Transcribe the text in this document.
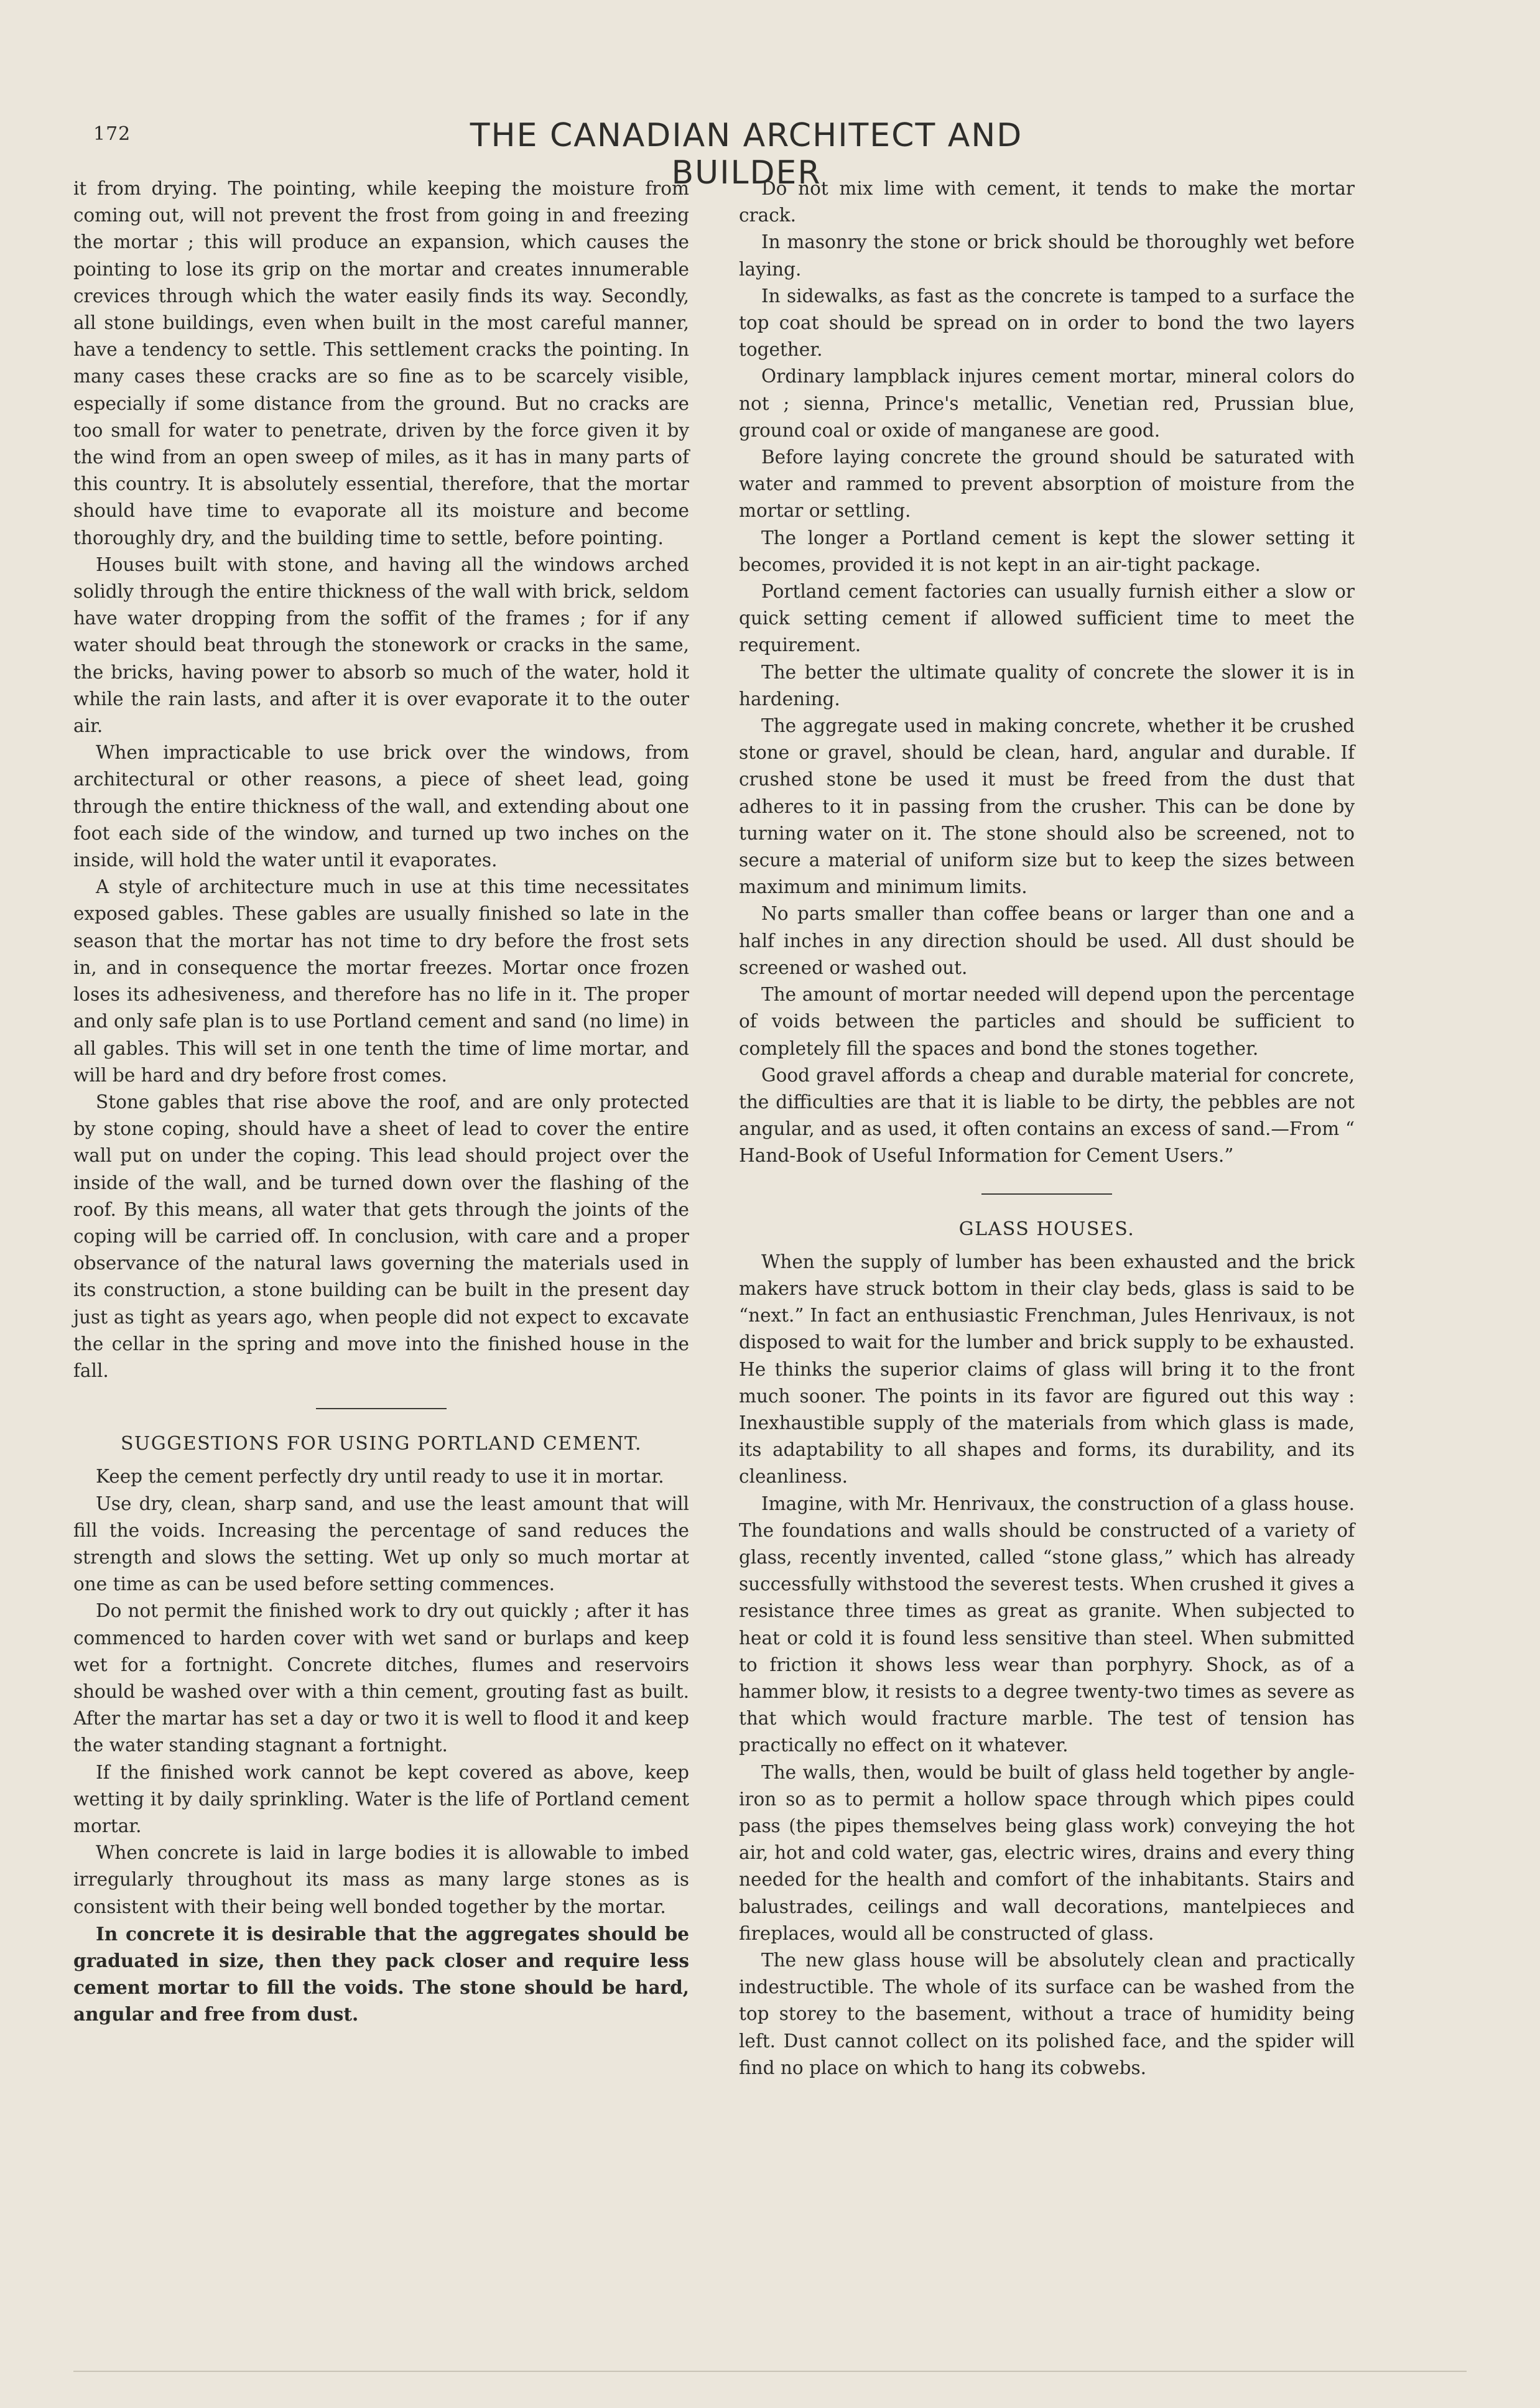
172	THE CANADIAN ARCHITECT AND BUILDER

it from drying. The pointing, while keeping the moisture from coming out, will not prevent the frost from going in and freezing the mortar ; this will produce an expansion, which causes the pointing to lose its grip on the mortar and creates innumerable crevices through which the water easily finds its way. Secondly, all stone buildings, even when built in the most careful manner, have a tendency to settle. This settlement cracks the pointing. In many cases these cracks are so fine as to be scarcely visible, especially if some distance from the ground. But no cracks are too small for water to penetrate, driven by the force given it by the wind from an open sweep of miles, as it has in many parts of this country. It is absolutely essential, therefore, that the mortar should have time to evaporate all its moisture and become thoroughly dry, and the building time to settle, before pointing.

Houses built with stone, and having all the windows arched solidly through the entire thickness of the wall with brick, seldom have water dropping from the soffit of the frames ; for if any water should beat through the stonework or cracks in the same, the bricks, having power to absorb so much of the water, hold it while the rain lasts, and after it is over evaporate it to the outer air.

When impracticable to use brick over the windows, from architectural or other reasons, a piece of sheet lead, going through the entire thickness of the wall, and extending about one foot each side of the window, and turned up two inches on the inside, will hold the water until it evaporates.

A style of architecture much in use at this time necessitates exposed gables. These gables are usually finished so late in the season that the mortar has not time to dry before the frost sets in, and in consequence the mortar freezes. Mortar once frozen loses its adhesiveness, and therefore has no life in it. The proper and only safe plan is to use Portland cement and sand (no lime) in all gables. This will set in one tenth the time of lime mortar, and will be hard and dry before frost comes.

Stone gables that rise above the roof, and are only protected by stone coping, should have a sheet of lead to cover the entire wall put on under the coping. This lead should project over the inside of the wall, and be turned down over the flashing of the roof. By this means, all water that gets through the joints of the coping will be carried off. In conclusion, with care and a proper observance of the natural laws governing the materials used in its construction, a stone building can be built in the present day just as tight as years ago, when people did not expect to excavate the cellar in the spring and move into the finished house in the fall.

SUGGESTIONS FOR USING PORTLAND CEMENT.

Keep the cement perfectly dry until ready to use it in mortar.

Use dry, clean, sharp sand, and use the least amount that will fill the voids. Increasing the percentage of sand reduces the strength and slows the setting. Wet up only so much mortar at one time as can be used before setting commences.

Do not permit the finished work to dry out quickly ; after it has commenced to harden cover with wet sand or burlaps and keep wet for a fortnight. Concrete ditches, flumes and reservoirs should be washed over with a thin cement, grouting fast as built. After the martar has set a day or two it is well to flood it and keep the water standing stagnant a fortnight.

If the finished work cannot be kept covered as above, keep wetting it by daily sprinkling. Water is the life of Portland cement mortar.

When concrete is laid in large bodies it is allowable to imbed irregularly throughout its mass as many large stones as is consistent with their being well bonded together by the mortar.

In concrete it is desirable that the aggregates should be graduated in size, then they pack closer and require less cement mortar to fill the voids. The stone should be hard, angular and free from dust.

Do not mix lime with cement, it tends to make the mortar crack.

In masonry the stone or brick should be thoroughly wet before laying.

In sidewalks, as fast as the concrete is tamped to a surface the top coat should be spread on in order to bond the two layers together.

Ordinary lampblack injures cement mortar, mineral colors do not ; sienna, Prince's metallic, Venetian red, Prussian blue, ground coal or oxide of manganese are good.

Before laying concrete the ground should be saturated with water and rammed to prevent absorption of moisture from the mortar or settling.

The longer a Portland cement is kept the slower setting it becomes, provided it is not kept in an air-tight package.

Portland cement factories can usually furnish either a slow or quick setting cement if allowed sufficient time to meet the requirement.

The better the ultimate quality of concrete the slower it is in hardening.

The aggregate used in making concrete, whether it be crushed stone or gravel, should be clean, hard, angular and durable. If crushed stone be used it must be freed from the dust that adheres to it in passing from the crusher. This can be done by turning water on it. The stone should also be screened, not to secure a material of uniform size but to keep the sizes between maximum and minimum limits.

No parts smaller than coffee beans or larger than one and a half inches in any direction should be used. All dust should be screened or washed out.

The amount of mortar needed will depend upon the percentage of voids between the particles and should be sufficient to completely fill the spaces and bond the stones together.

Good gravel affords a cheap and durable material for concrete, the difficulties are that it is liable to be dirty, the pebbles are not angular, and as used, it often contains an excess of sand.—From “ Hand-Book of Useful Information for Cement Users.”

GLASS HOUSES.

When the supply of lumber has been exhausted and the brick makers have struck bottom in their clay beds, glass is said to be “next.” In fact an enthusiastic Frenchman, Jules Henrivaux, is not disposed to wait for the lumber and brick supply to be exhausted. He thinks the superior claims of glass will bring it to the front much sooner. The points in its favor are figured out this way : Inexhaustible supply of the materials from which glass is made, its adaptability to all shapes and forms, its durability, and its cleanliness.

Imagine, with Mr. Henrivaux, the construction of a glass house. The foundations and walls should be constructed of a variety of glass, recently invented, called “stone glass,” which has already successfully withstood the severest tests. When crushed it gives a resistance three times as great as granite. When subjected to heat or cold it is found less sensitive than steel. When submitted to friction it shows less wear than porphyry. Shock, as of a hammer blow, it resists to a degree twenty-two times as severe as that which would fracture marble. The test of tension has practically no effect on it whatever.

The walls, then, would be built of glass held together by angle-iron so as to permit a hollow space through which pipes could pass (the pipes themselves being glass work) conveying the hot air, hot and cold water, gas, electric wires, drains and every thing needed for the health and comfort of the inhabitants. Stairs and balustrades, ceilings and wall decorations, mantelpieces and fireplaces, would all be constructed of glass.

The new glass house will be absolutely clean and practically indestructible. The whole of its surface can be washed from the top storey to the basement, without a trace of humidity being left. Dust cannot collect on its polished face, and the spider will find no place on which to hang its cobwebs.
